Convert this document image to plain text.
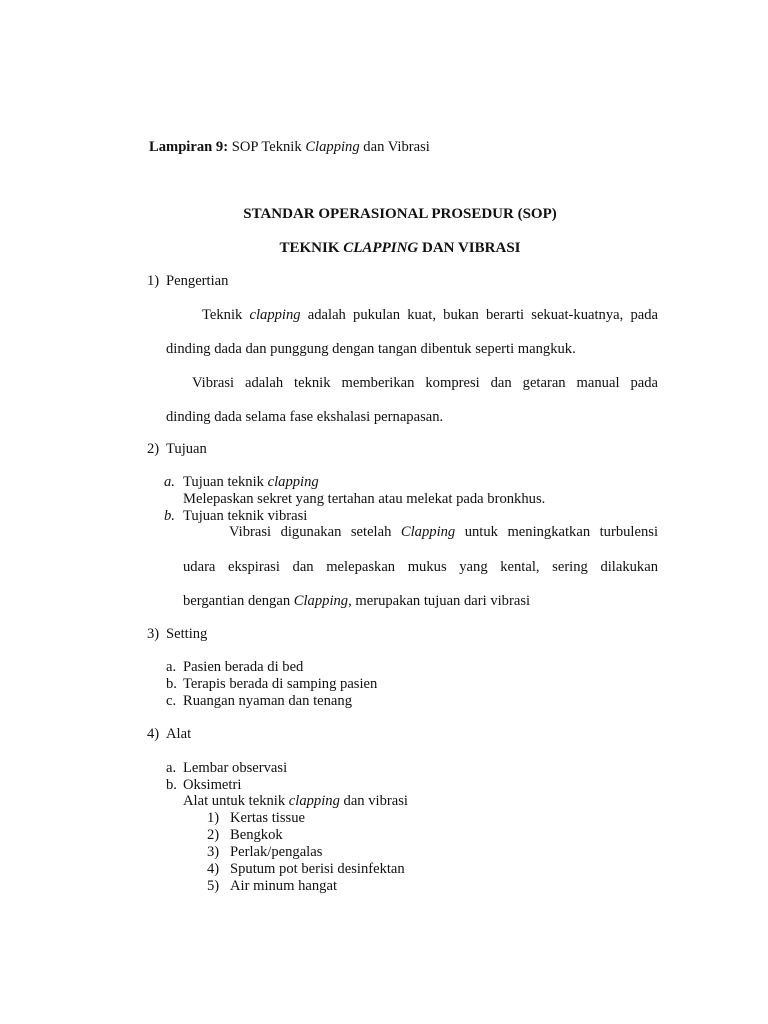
Lampiran 9: SOP Teknik Clapping dan Vibrasi
STANDAR OPERASIONAL PROSEDUR (SOP)
TEKNIK CLAPPING DAN VIBRASI
1) Pengertian
Teknik clapping adalah pukulan kuat, bukan berarti sekuat-kuatnya, pada
dinding dada dan punggung dengan tangan dibentuk seperti mangkuk.
Vibrasi adalah teknik memberikan kompresi dan getaran manual pada
dinding dada selama fase ekshalasi pernapasan.
2) Tujuan
a. Tujuan teknik clapping
Melepaskan sekret yang tertahan atau melekat pada bronkhus.
b. Tujuan teknik vibrasi
Vibrasi digunakan setelah Clapping untuk meningkatkan turbulensi
udara ekspirasi dan melepaskan mukus yang kental, sering dilakukan
bergantian dengan Clapping, merupakan tujuan dari vibrasi
3) Setting
a. Pasien berada di bed
b. Terapis berada di samping pasien
c. Ruangan nyaman dan tenang
4) Alat
a. Lembar observasi
b. Oksimetri
Alat untuk teknik clapping dan vibrasi
1) Kertas tissue
2) Bengkok
3) Perlak/pengalas
4) Sputum pot berisi desinfektan
5) Air minum hangat
